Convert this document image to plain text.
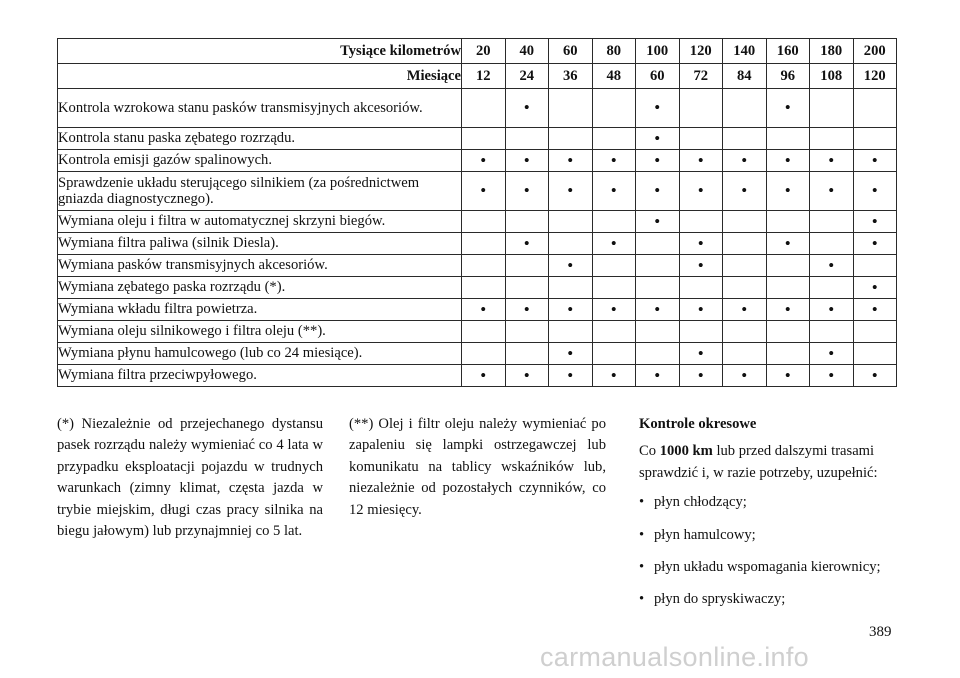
Tysiące kilometrów	20	40	60	80	100	120	140	160	180	200
Miesiące	12	24	36	48	60	72	84	96	108	120
Kontrola wzrokowa stanu pasków transmisyjnych akcesoriów.		•			•			•		
Kontrola stanu paska zębatego rozrządu.					•					
Kontrola emisji gazów spalinowych.	•	•	•	•	•	•	•	•	•	•
Sprawdzenie układu sterującego silnikiem (za pośrednictwem gniazda diagnostycznego).	•	•	•	•	•	•	•	•	•	•
Wymiana oleju i filtra w automatycznej skrzyni biegów.					•					•
Wymiana filtra paliwa (silnik Diesla).		•		•		•		•		•
Wymiana pasków transmisyjnych akcesoriów.			•			•			•	
Wymiana zębatego paska rozrządu (*).										•
Wymiana wkładu filtra powietrza.	•	•	•	•	•	•	•	•	•	•
Wymiana oleju silnikowego i filtra oleju (**).										
Wymiana płynu hamulcowego (lub co 24 miesiące).			•			•			•	
Wymiana filtra przeciwpyłowego.	•	•	•	•	•	•	•	•	•	•

(*) Niezależnie od przejechanego dystansu pasek rozrządu należy wymieniać co 4 lata w przypadku eksploatacji pojazdu w trudnych warunkach (zimny klimat, częsta jazda w trybie miejskim, długi czas pracy silnika na biegu jałowym) lub przynajmniej co 5 lat.

(**) Olej i filtr oleju należy wymieniać po zapaleniu się lampki ostrzegawczej lub komunikatu na tablicy wskaźników lub, niezależnie od pozostałych czynników, co 12 miesięcy.

Kontrole okresowe

Co 1000 km lub przed dalszymi trasami sprawdzić i, w razie potrzeby, uzupełnić:

• płyn chłodzący;
• płyn hamulcowy;
• płyn układu wspomagania kierownicy;
• płyn do spryskiwaczy;
389
carmanualsonline.info
